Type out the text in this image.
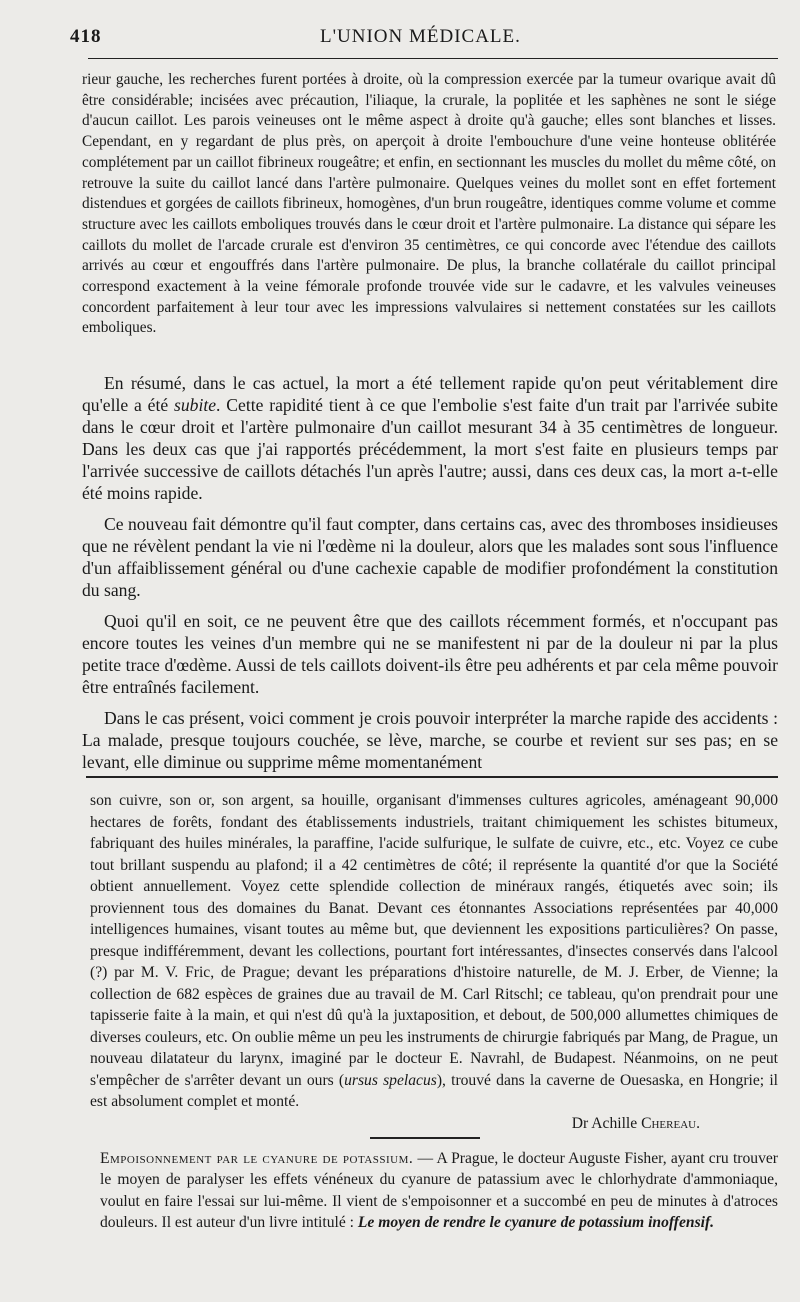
418	L'UNION MÉDICALE.

rieur gauche, les recherches furent portées à droite, où la compression exercée par la tumeur ovarique avait dû être considérable; incisées avec précaution, l'iliaque, la crurale, la poplitée et les saphènes ne sont le siége d'aucun caillot. Les parois veineuses ont le même aspect à droite qu'à gauche; elles sont blanches et lisses. Cependant, en y regardant de plus près, on aperçoit à droite l'embouchure d'une veine honteuse oblitérée complétement par un caillot fibrineux rougeâtre; et enfin, en sectionnant les muscles du mollet du même côté, on retrouve la suite du caillot lancé dans l'artère pulmonaire. Quelques veines du mollet sont en effet fortement distendues et gorgées de caillots fibrineux, homogènes, d'un brun rougeâtre, identiques comme volume et comme structure avec les caillots emboliques trouvés dans le cœur droit et l'artère pulmonaire. La distance qui sépare les caillots du mollet de l'arcade crurale est d'environ 35 centimètres, ce qui concorde avec l'étendue des caillots arrivés au cœur et engouffrés dans l'artère pulmonaire. De plus, la branche collatérale du caillot principal correspond exactement à la veine fémorale profonde trouvée vide sur le cadavre, et les valvules veineuses concordent parfaitement à leur tour avec les impressions valvulaires si nettement constatées sur les caillots emboliques.

En résumé, dans le cas actuel, la mort a été tellement rapide qu'on peut véritablement dire qu'elle a été subite. Cette rapidité tient à ce que l'embolie s'est faite d'un trait par l'arrivée subite dans le cœur droit et l'artère pulmonaire d'un caillot mesurant 34 à 35 centimètres de longueur. Dans les deux cas que j'ai rapportés précédemment, la mort s'est faite en plusieurs temps par l'arrivée successive de caillots détachés l'un après l'autre; aussi, dans ces deux cas, la mort a-t-elle été moins rapide.

Ce nouveau fait démontre qu'il faut compter, dans certains cas, avec des thromboses insidieuses que ne révèlent pendant la vie ni l'œdème ni la douleur, alors que les malades sont sous l'influence d'un affaiblissement général ou d'une cachexie capable de modifier profondément la constitution du sang.

Quoi qu'il en soit, ce ne peuvent être que des caillots récemment formés, et n'occupant pas encore toutes les veines d'un membre qui ne se manifestent ni par de la douleur ni par la plus petite trace d'œdème. Aussi de tels caillots doivent-ils être peu adhérents et par cela même pouvoir être entraînés facilement.

Dans le cas présent, voici comment je crois pouvoir interpréter la marche rapide des accidents : La malade, presque toujours couchée, se lève, marche, se courbe et revient sur ses pas; en se levant, elle diminue ou supprime même momentanément

son cuivre, son or, son argent, sa houille, organisant d'immenses cultures agricoles, aménageant 90,000 hectares de forêts, fondant des établissements industriels, traitant chimiquement les schistes bitumeux, fabriquant des huiles minérales, la paraffine, l'acide sulfurique, le sulfate de cuivre, etc., etc. Voyez ce cube tout brillant suspendu au plafond; il a 42 centimètres de côté; il représente la quantité d'or que la Société obtient annuellement. Voyez cette splendide collection de minéraux rangés, étiquetés avec soin; ils proviennent tous des domaines du Banat. Devant ces étonnantes Associations représentées par 40,000 intelligences humaines, visant toutes au même but, que deviennent les expositions particulières? On passe, presque indifféremment, devant les collections, pourtant fort intéressantes, d'insectes conservés dans l'alcool (?) par M. V. Fric, de Prague; devant les préparations d'histoire naturelle, de M. J. Erber, de Vienne; la collection de 682 espèces de graines due au travail de M. Carl Ritschl; ce tableau, qu'on prendrait pour une tapisserie faite à la main, et qui n'est dû qu'à la juxtaposition, et debout, de 500,000 allumettes chimiques de diverses couleurs, etc. On oublie même un peu les instruments de chirurgie fabriqués par Mang, de Prague, un nouveau dilatateur du larynx, imaginé par le docteur E. Navrahl, de Budapest. Néanmoins, on ne peut s'empêcher de s'arrêter devant un ours (ursus spelacus), trouvé dans la caverne de Ouesaska, en Hongrie; il est absolument complet et monté.

Dr Achille Chereau.

Empoisonnement par le cyanure de potassium. — A Prague, le docteur Auguste Fisher, ayant cru trouver le moyen de paralyser les effets vénéneux du cyanure de patassium avec le chlorhydrate d'ammoniaque, voulut en faire l'essai sur lui-même. Il vient de s'empoisonner et a succombé en peu de minutes à d'atroces douleurs. Il est auteur d'un livre intitulé : Le moyen de rendre le cyanure de potassium inoffensif.
